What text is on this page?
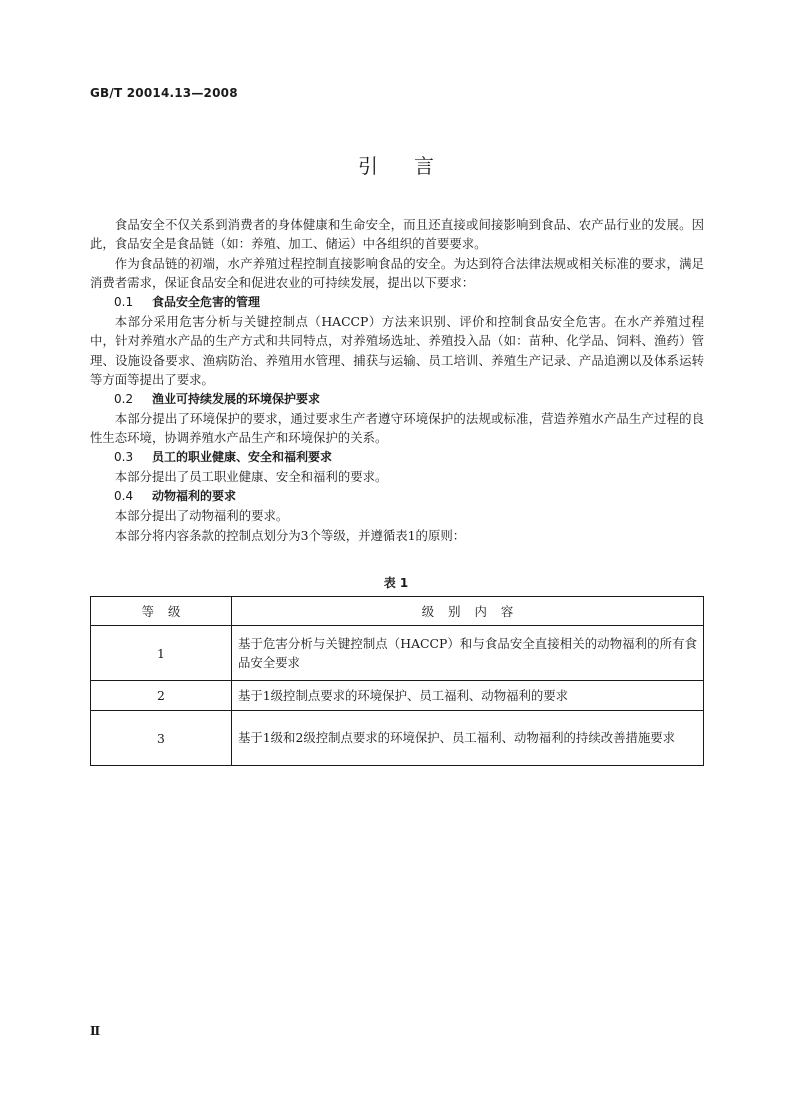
GB/T 20014.13—2008
引言

食品安全不仅关系到消费者的身体健康和生命安全，而且还直接或间接影响到食品、农产品行业的发展。因此，食品安全是食品链（如：养殖、加工、储运）中各组织的首要要求。

作为食品链的初端，水产养殖过程控制直接影响食品的安全。为达到符合法律法规或相关标准的要求，满足消费者需求，保证食品安全和促进农业的可持续发展，提出以下要求：

0.1 食品安全危害的管理

本部分采用危害分析与关键控制点（HACCP）方法来识别、评价和控制食品安全危害。在水产养殖过程中，针对养殖水产品的生产方式和共同特点，对养殖场选址、养殖投入品（如：苗种、化学品、饲料、渔药）管理、设施设备要求、渔病防治、养殖用水管理、捕获与运输、员工培训、养殖生产记录、产品追溯以及体系运转等方面等提出了要求。

0.2 渔业可持续发展的环境保护要求

本部分提出了环境保护的要求，通过要求生产者遵守环境保护的法规或标准，营造养殖水产品生产过程的良性生态环境，协调养殖水产品生产和环境保护的关系。

0.3 员工的职业健康、安全和福利要求

本部分提出了员工职业健康、安全和福利的要求。

0.4 动物福利的要求

本部分提出了动物福利的要求。

本部分将内容条款的控制点划分为3个等级，并遵循表1的原则：

表 1
等级	级别内容
1	基于危害分析与关键控制点（HACCP）和与食品安全直接相关的动物福利的所有食品安全要求
2	基于1级控制点要求的环境保护、员工福利、动物福利的要求
3	基于1级和2级控制点要求的环境保护、员工福利、动物福利的持续改善措施要求
Ⅱ
